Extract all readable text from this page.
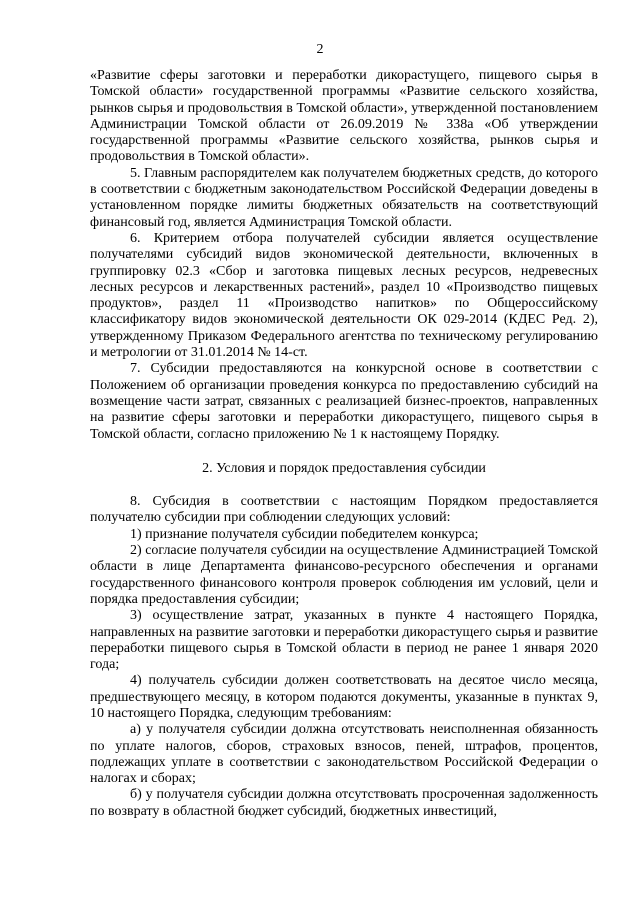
2

«Развитие сферы заготовки и переработки дикорастущего, пищевого сырья в Томской области» государственной программы «Развитие сельского хозяйства, рынков сырья и продовольствия в Томской области», утвержденной постановлением Администрации Томской области от 26.09.2019 № 338а «Об утверждении государственной программы «Развитие сельского хозяйства, рынков сырья и продовольствия в Томской области».

5. Главным распорядителем как получателем бюджетных средств, до которого в соответствии с бюджетным законодательством Российской Федерации доведены в установленном порядке лимиты бюджетных обязательств на соответствующий финансовый год, является Администрация Томской области.

6. Критерием отбора получателей субсидии является осуществление получателями субсидий видов экономической деятельности, включенных в группировку 02.3 «Сбор и заготовка пищевых лесных ресурсов, недревесных лесных ресурсов и лекарственных растений», раздел 10 «Производство пищевых продуктов», раздел 11 «Производство напитков» по Общероссийскому классификатору видов экономической деятельности ОК 029-2014 (КДЕС Ред. 2), утвержденному Приказом Федерального агентства по техническому регулированию и метрологии от 31.01.2014 № 14-ст.

7. Субсидии предоставляются на конкурсной основе в соответствии с Положением об организации проведения конкурса по предоставлению субсидий на возмещение части затрат, связанных с реализацией бизнес-проектов, направленных на развитие сферы заготовки и переработки дикорастущего, пищевого сырья в Томской области, согласно приложению № 1 к настоящему Порядку.

2. Условия и порядок предоставления субсидии

8. Субсидия в соответствии с настоящим Порядком предоставляется получателю субсидии при соблюдении следующих условий:

1) признание получателя субсидии победителем конкурса;

2) согласие получателя субсидии на осуществление Администрацией Томской области в лице Департамента финансово-ресурсного обеспечения и органами государственного финансового контроля проверок соблюдения им условий, цели и порядка предоставления субсидии;

3) осуществление затрат, указанных в пункте 4 настоящего Порядка, направленных на развитие заготовки и переработки дикорастущего сырья и развитие переработки пищевого сырья в Томской области в период не ранее 1 января 2020 года;

4) получатель субсидии должен соответствовать на десятое число месяца, предшествующего месяцу, в котором подаются документы, указанные в пунктах 9, 10 настоящего Порядка, следующим требованиям:

а) у получателя субсидии должна отсутствовать неисполненная обязанность по уплате налогов, сборов, страховых взносов, пеней, штрафов, процентов, подлежащих уплате в соответствии с законодательством Российской Федерации о налогах и сборах;

б) у получателя субсидии должна отсутствовать просроченная задолженность по возврату в областной бюджет субсидий, бюджетных инвестиций,
